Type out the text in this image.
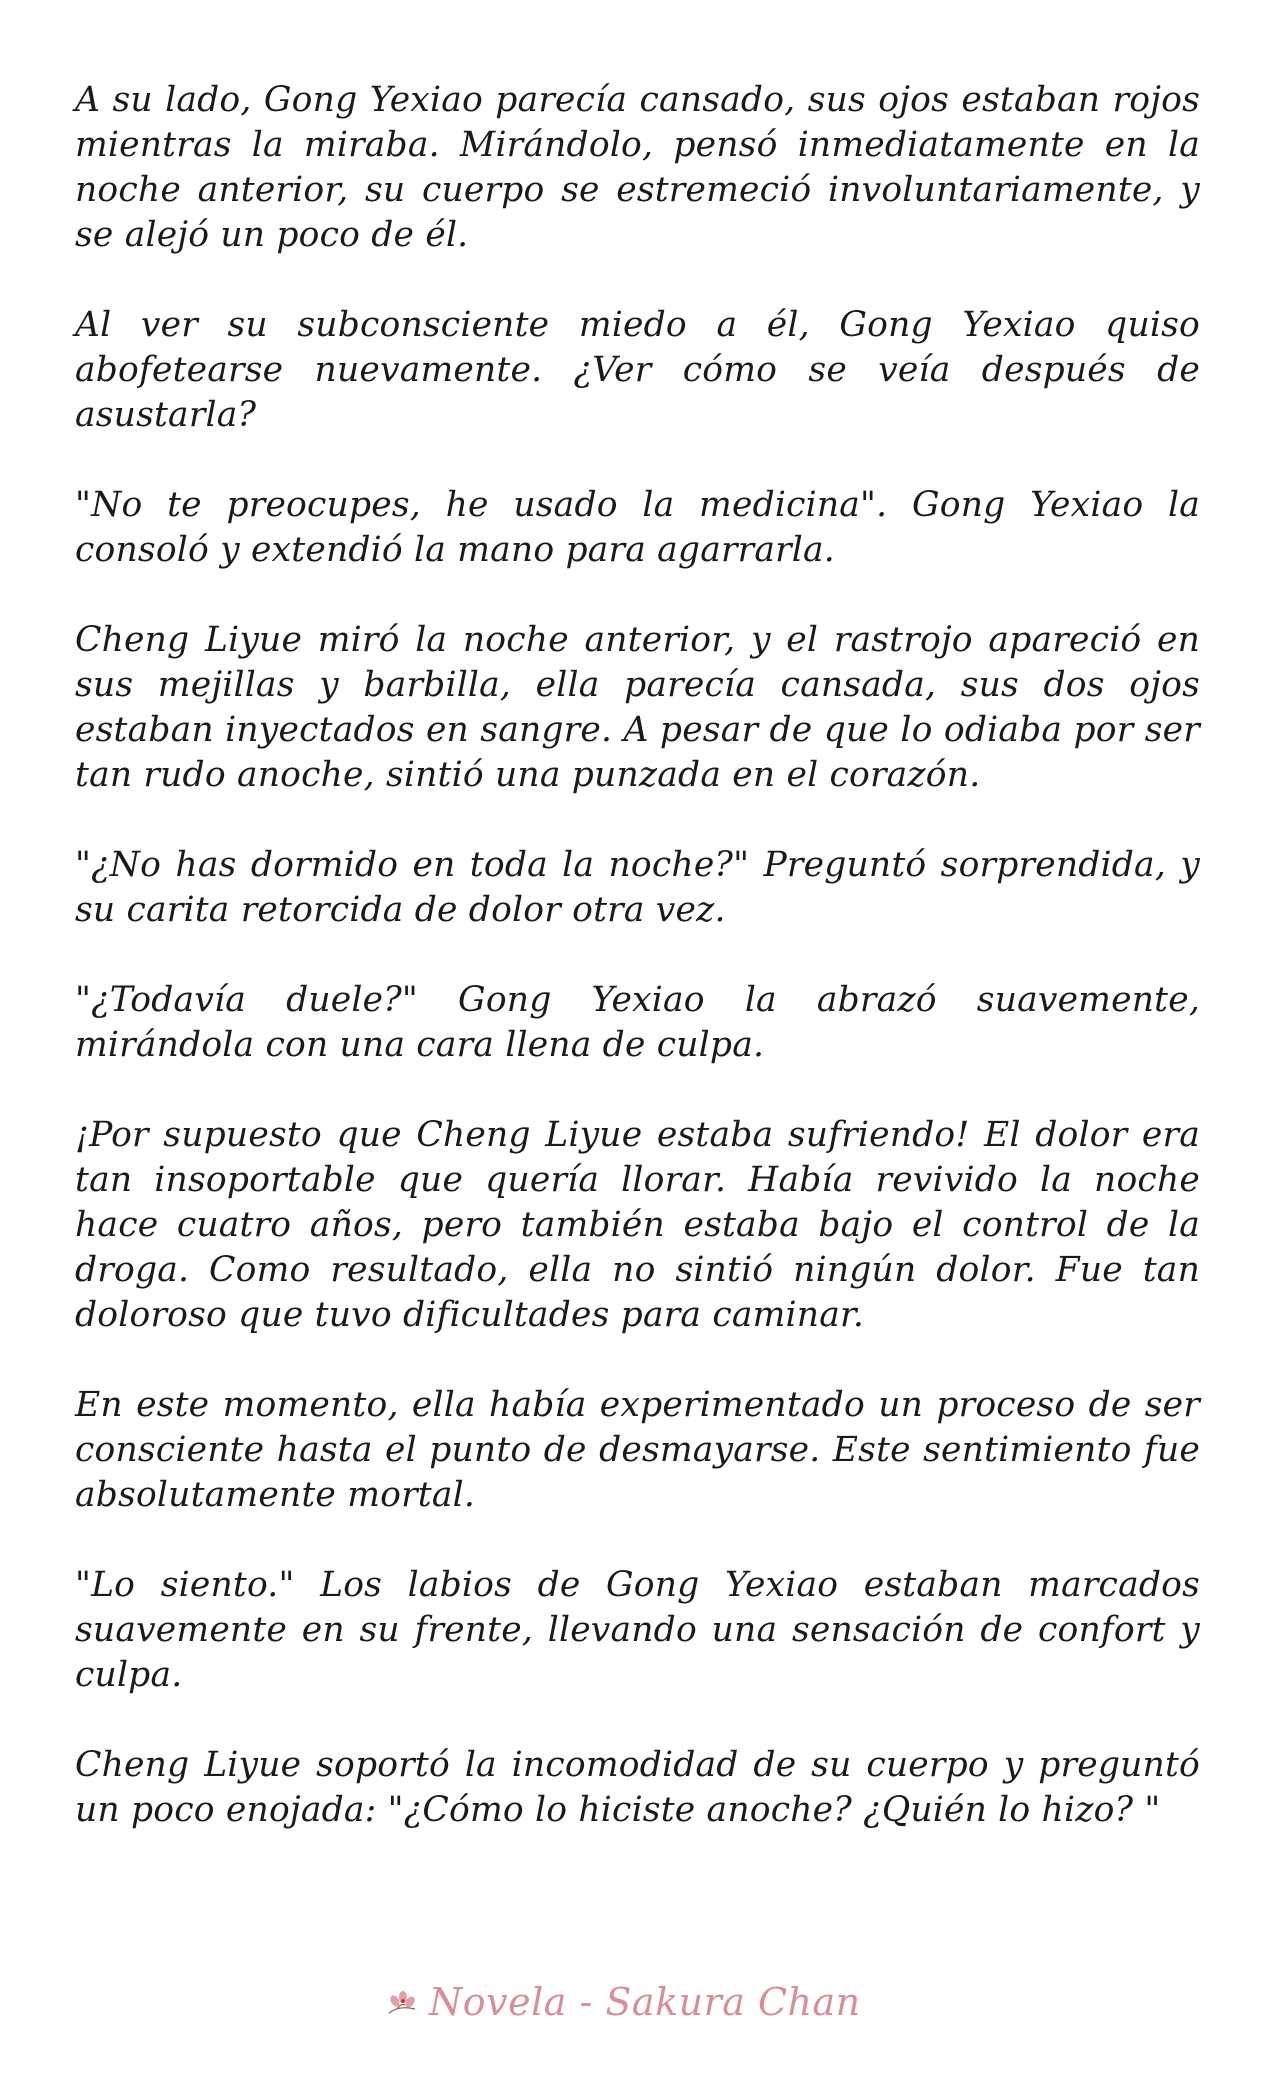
A su lado, Gong Yexiao parecía cansado, sus ojos estaban rojos mientras la miraba. Mirándolo, pensó inmediatamente en la noche anterior, su cuerpo se estremeció involuntariamente, y se alejó un poco de él.

Al ver su subconsciente miedo a él, Gong Yexiao quiso abofetearse nuevamente. ¿Ver cómo se veía después de asustarla?

"No te preocupes, he usado la medicina". Gong Yexiao la consoló y extendió la mano para agarrarla.

Cheng Liyue miró la noche anterior, y el rastrojo apareció en sus mejillas y barbilla, ella parecía cansada, sus dos ojos estaban inyectados en sangre. A pesar de que lo odiaba por ser tan rudo anoche, sintió una punzada en el corazón.

"¿No has dormido en toda la noche?" Preguntó sorprendida, y su carita retorcida de dolor otra vez.

"¿Todavía duele?" Gong Yexiao la abrazó suavemente, mirándola con una cara llena de culpa.

¡Por supuesto que Cheng Liyue estaba sufriendo! El dolor era tan insoportable que quería llorar. Había revivido la noche hace cuatro años, pero también estaba bajo el control de la droga. Como resultado, ella no sintió ningún dolor. Fue tan doloroso que tuvo dificultades para caminar.

En este momento, ella había experimentado un proceso de ser consciente hasta el punto de desmayarse. Este sentimiento fue absolutamente mortal.

"Lo siento." Los labios de Gong Yexiao estaban marcados suavemente en su frente, llevando una sensación de confort y culpa.

Cheng Liyue soportó la incomodidad de su cuerpo y preguntó un poco enojada: "¿Cómo lo hiciste anoche? ¿Quién lo hizo? "

Novela - Sakura Chan
